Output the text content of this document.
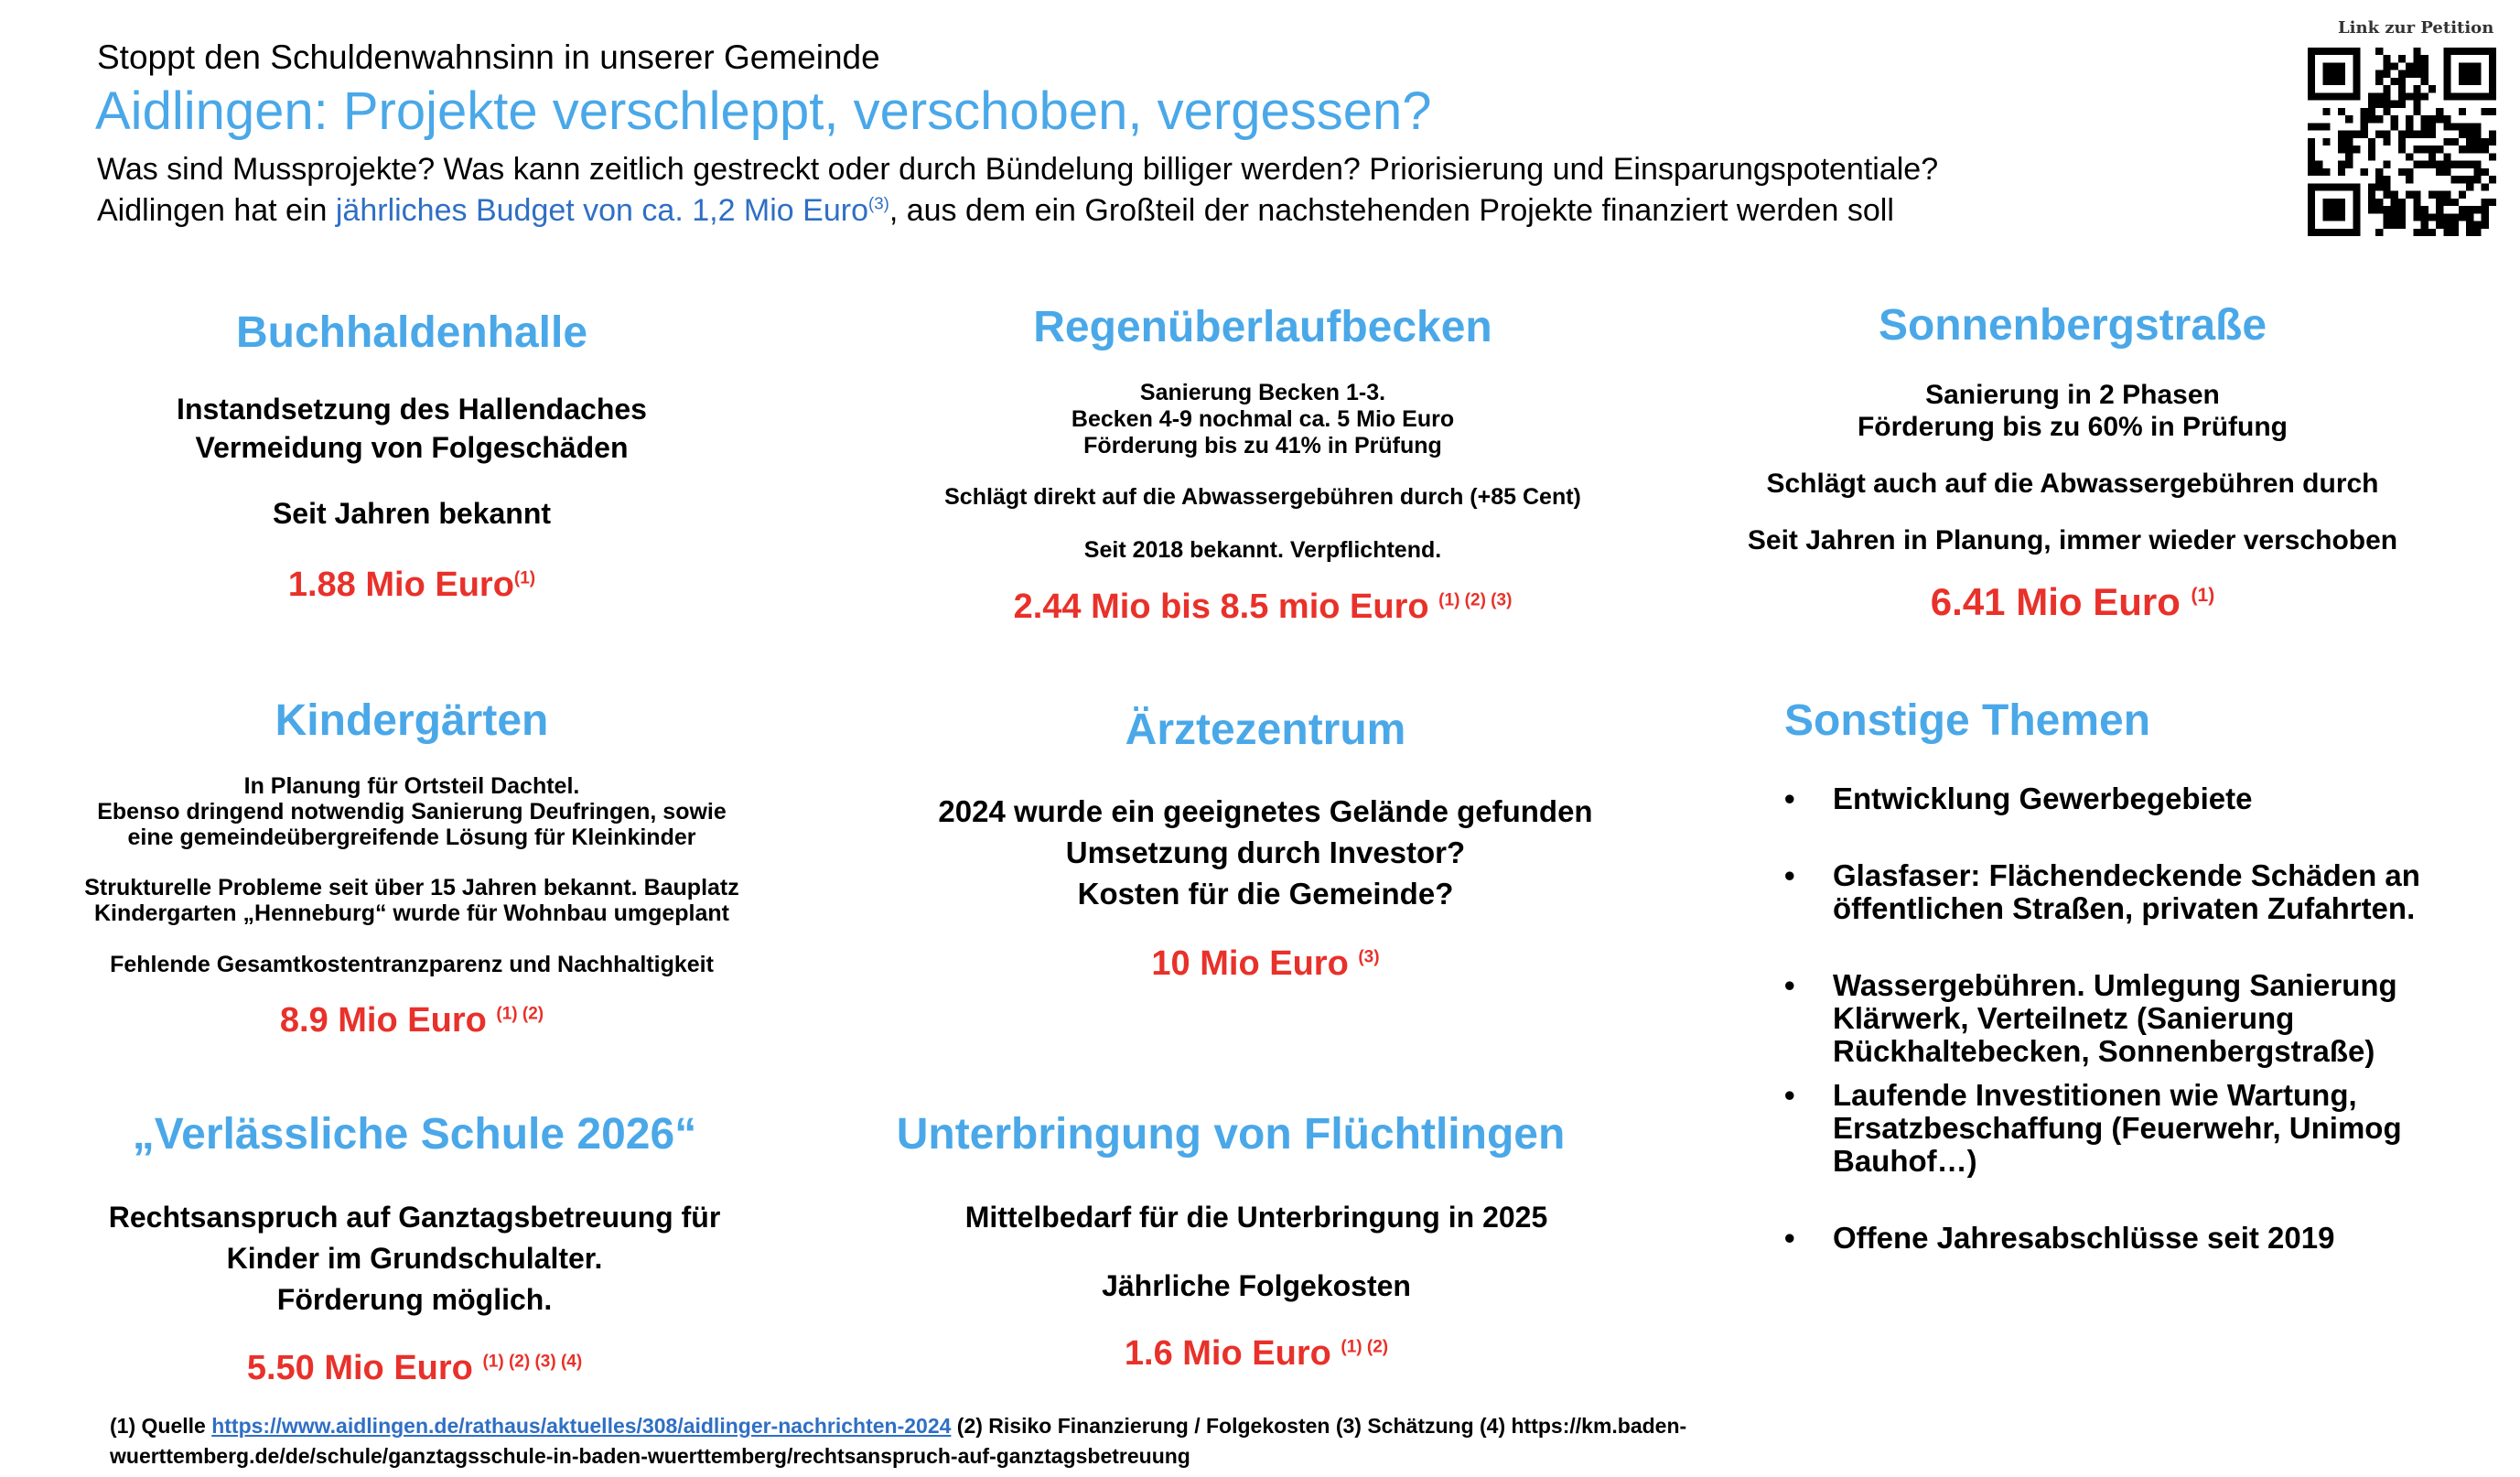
Stoppt den Schuldenwahnsinn in unserer Gemeinde
Aidlingen: Projekte verschleppt, verschoben, vergessen?
Was sind Mussprojekte? Was kann zeitlich gestreckt oder durch Bündelung billiger werden? Priorisierung und Einsparungspotentiale?
Aidlingen hat ein jährliches Budget von ca. 1,2 Mio Euro$^{(3)}$, aus dem ein Großteil der nachstehenden Projekte finanziert werden soll
Link zur Petition
Buchhaldenhalle
Instandsetzung des Hallendaches
Vermeidung von Folgeschäden
Seit Jahren bekannt
1.88 Mio Euro$^{(1)}$
Regenüberlaufbecken
Sanierung Becken 1-3.
Becken 4-9 nochmal ca. 5 Mio Euro
Förderung bis zu 41% in Prüfung
Schlägt direkt auf die Abwassergebühren durch (+85 Cent)
Seit 2018 bekannt. Verpflichtend.
2.44 Mio bis 8.5 mio Euro $^{(1) (2) (3)}$
Sonnenbergstraße
Sanierung in 2 Phasen
Förderung bis zu 60% in Prüfung
Schlägt auch auf die Abwassergebühren durch
Seit Jahren in Planung, immer wieder verschoben
6.41 Mio Euro $^{(1)}$
Kindergärten
In Planung für Ortsteil Dachtel.
Ebenso dringend notwendig Sanierung Deufringen, sowie
eine gemeindeübergreifende Lösung für Kleinkinder
Strukturelle Probleme seit über 15 Jahren bekannt. Bauplatz
Kindergarten „Henneburg“ wurde für Wohnbau umgeplant
Fehlende Gesamtkostentranzparenz und Nachhaltigkeit
8.9 Mio Euro $^{(1) (2)}$
Ärztezentrum
2024 wurde ein geeignetes Gelände gefunden
Umsetzung durch Investor?
Kosten für die Gemeinde?
10 Mio Euro $^{(3)}$
Sonstige Themen
• Entwicklung Gewerbegebiete
• Glasfaser: Flächendeckende Schäden an öffentlichen Straßen, privaten Zufahrten.
• Wassergebühren. Umlegung Sanierung Klärwerk, Verteilnetz (Sanierung Rückhaltebecken, Sonnenbergstraße)
• Laufende Investitionen wie Wartung, Ersatzbeschaffung (Feuerwehr, Unimog Bauhof…)
• Offene Jahresabschlüsse seit 2019
„Verlässliche Schule 2026“
Rechtsanspruch auf Ganztagsbetreuung für
Kinder im Grundschulalter.
Förderung möglich.
5.50 Mio Euro $^{(1) (2) (3) (4)}$
Unterbringung von Flüchtlingen
Mittelbedarf für die Unterbringung in 2025
Jährliche Folgekosten
1.6 Mio Euro $^{(1) (2)}$
(1) Quelle https://www.aidlingen.de/rathaus/aktuelles/308/aidlinger-nachrichten-2024 (2) Risiko Finanzierung / Folgekosten (3) Schätzung (4) https://km.baden-wuerttemberg.de/de/schule/ganztagsschule-in-baden-wuerttemberg/rechtsanspruch-auf-ganztagsbetreuung
